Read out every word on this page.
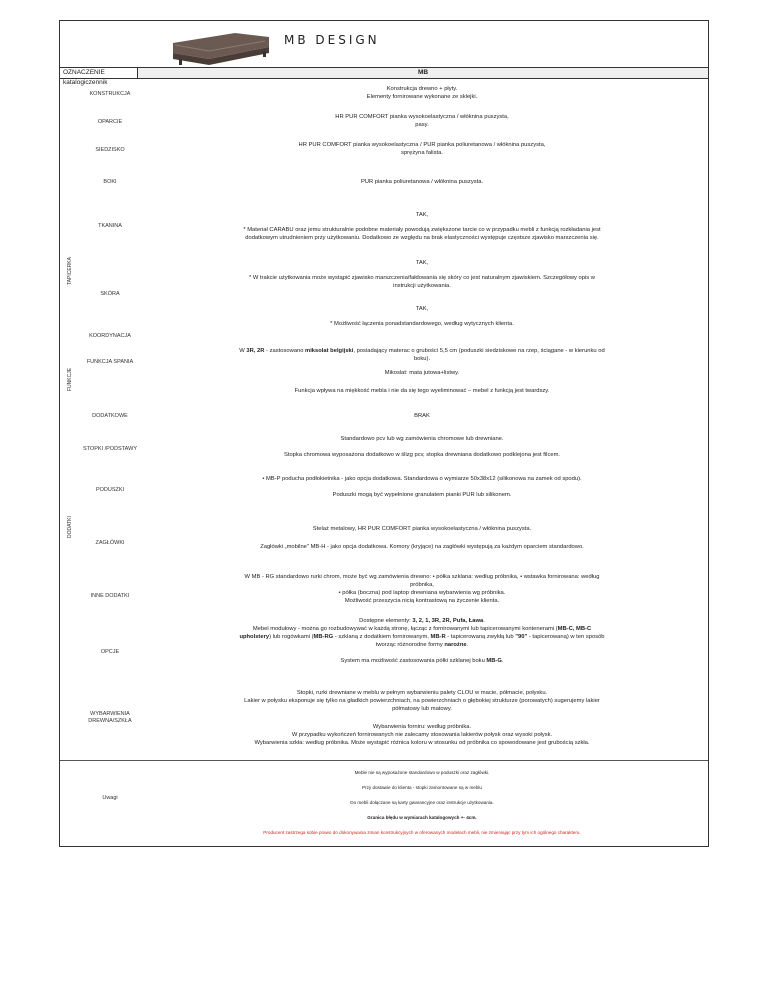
MB DESIGN
OZNACZENIE katalogiczennik
MB
KONSTRUKCJA
Konstrukcja drewno + płyty.
Elementy fornirowane wykonane ze sklejki.
OPARCIE
HR PUR COMFORT pianka wysokoelastyczna / włóknina puszysta,
pasy.
SIEDZISKO
HR PUR COMFORT pianka wysokoelastyczna / PUR pianka poliuretanowa / włóknina puszysta,
sprężyna falista.
BOKI	PUR pianka poliuretanowa / włóknina puszysta.
TAPICERKA
TKANINA
TAK,
* Materiał CARABU oraz jemu strukturalnie podobne materiały powodują zwiększone tarcie co w przypadku mebli z funkcją rozkładania jest
dodatkowym utrudnieniem przy użytkowaniu. Dodatkowo ze względu na brak elastyczności występuje częstsze zjawisko marszczenia się.
SKÓRA
TAK,
* W trakcie użytkowania może wystąpić zjawisko marszczenia/fałdowania się skóry co jest naturalnym zjawiskiem. Szczegółowy opis w
instrukcji użytkowania.
KOORDYNACJA
TAK,
* Możliwość łączenia ponadstandardowego, według wytycznych klienta.
FUNKCJE
FUNKCJA SPANIA
W 3R, 2R - zastosowano miksolat belgijski, posiadający materac o grubości 5,5 cm (poduszki siedziskowe na rzep, ściągane - w kierunku od
boku).
Mikoslat: mata jutowa+listwy.
Funkcja wpływa na miękkość mebla i nie da się tego wyeliminować – mebel z funkcją jest twardszy.
DODATKOWE	BRAK
DODATKI
STOPKI /PODSTAWY
Standardowo pcv lub wg zamówienia chromowe lub drewniane.
Stopka chromowa wyposażona dodatkowo w ślizg pcv, stopka drewniana dodatkowo podklejona jest filcem.
PODUSZKI
• MB-P poducha podłokietnika - jako opcja dodatkowa. Standardowa o wymiarze 50x38x12 (silikonowa na zamek od spodu).
Poduszki mogą być wypełnione granulatem pianki PUR lub silikonem.
ZAGŁÓWKI
Stelaż metalowy, HR PUR COMFORT pianka wysokoelastyczna / włóknina puszysta.
Zagłówki „mobilne" MB-H - jako opcja dodatkowa. Komory (kryjące) na zagłówki występują za każdym oparciem standardowo.
INNE DODATKI
W MB - RG standardowo rurki chrom, może być wg zamówienia drewno: • półka szklana: według próbnika, • wstawka fornirowana: według
próbnika,
• półka (boczna) pod laptop drewniana wybarwienia wg próbnika.
Możliwość przeszycia nicią kontrastową na życzenie klienta.
OPCJE
Dostępne elementy: 3, 2, 1, 3R, 2R, Pufa, Ława.
Mebel modułowy - można go rozbudowywać w każdą stronę, łącząc z fornirowanymi lub tapicerowanymi kontenerami (MB-C, MB-C
upholstery) lub rogówkami (MB-RG - szklaną z dodatkiem fornirowanym, MB-R - tapicerowaną zwykłą lub "90" - tapicerowaną) w ten sposób
tworząc różnorodne formy narożne.
System ma możliwość zastosowania półki szklanej boku MB-G.
WYBARWIENIA
DREWNA/SZKŁA
Stopki, rurki drewniane w meblu w pełnym wybarwieniu palety CLOU w macie, półmacie, połysku.
Lakier w połysku eksponuje się tylko na gładkich powierzchniach, na powierzchniach o głębokiej strukturze (porowatych) sugerujemy lakier
półmatowy lub matowy.
Wybarwienia forniru: według próbnika.
W przypadku wykończeń fornirowanych nie zalecamy stosowania lakierów połysk oraz wysoki połysk.
Wybarwienia szkła: według próbnika. Może wystąpić różnica koloru w stosunku od próbnika co spowodowane jest grubością szkła.
Uwagi
Meble nie są wyposażone standardowo w poduszki oraz zagłówki.
Przy dostawie do klienta - stopki zamontowane są w meblu
Do mebli dołączane są karty gwarancyjne oraz instrukcje użytkowania.
Granica błędu w wymiarach katalogowych +- 4cm.
Producent zastrzega sobie prawo do dokonywania zmian konstrukcyjnych w oferowanych modelach mebli, nie zmieniając przy tym ich ogólnego charakteru.
